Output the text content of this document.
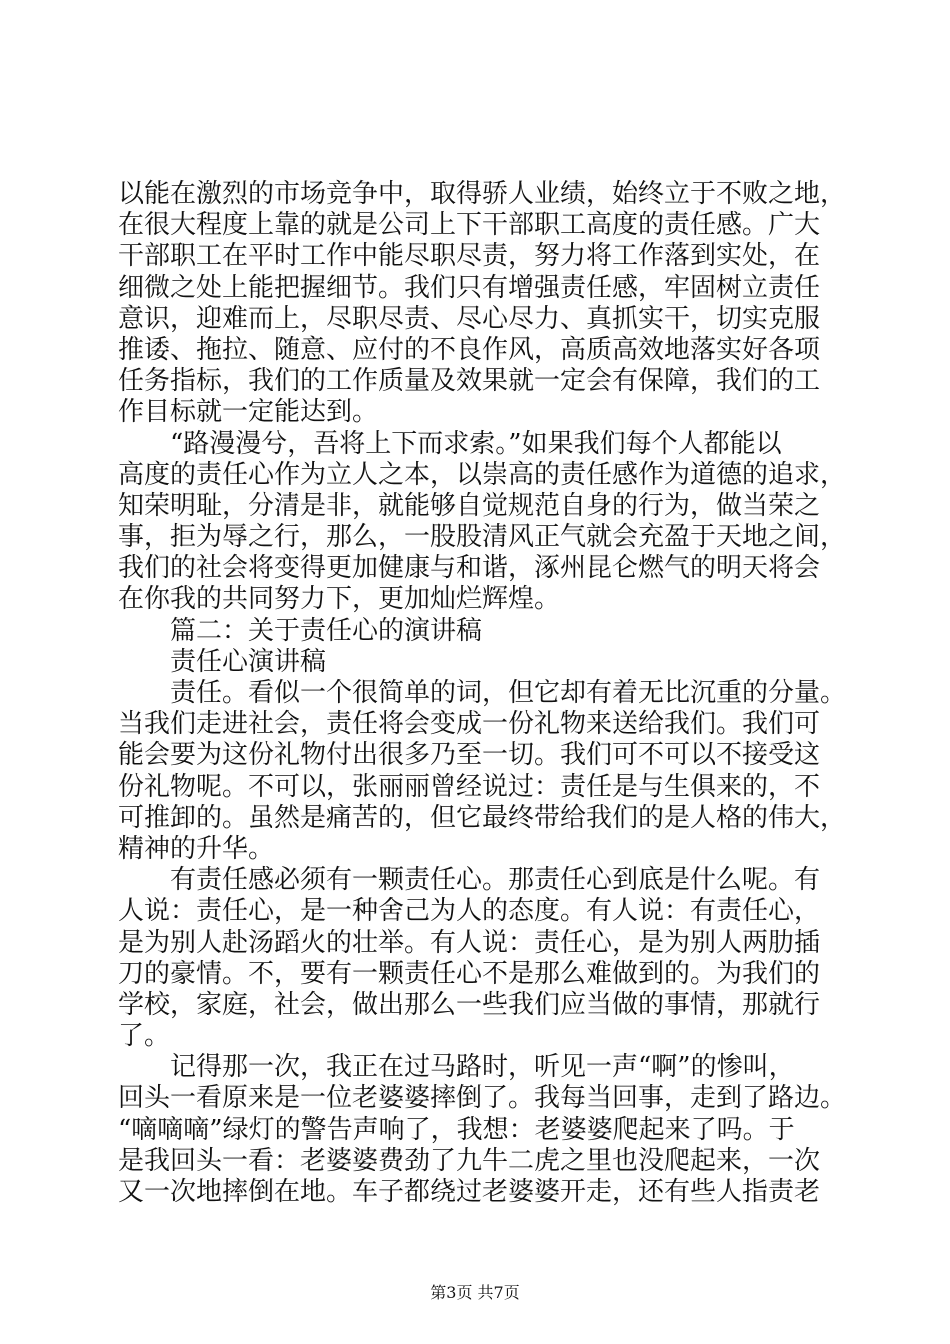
以能在激烈的市场竞争中，取得骄人业绩，始终立于不败之地，
在很大程度上靠的就是公司上下干部职工高度的责任感。广大
干部职工在平时工作中能尽职尽责，努力将工作落到实处，在
细微之处上能把握细节。我们只有增强责任感，牢固树立责任
意识，迎难而上，尽职尽责、尽心尽力、真抓实干，切实克服
推诿、拖拉、随意、应付的不良作风，高质高效地落实好各项
任务指标，我们的工作质量及效果就一定会有保障，我们的工
作目标就一定能达到。
　　“路漫漫兮，吾将上下而求索。”如果我们每个人都能以
高度的责任心作为立人之本，以崇高的责任感作为道德的追求，
知荣明耻，分清是非，就能够自觉规范自身的行为，做当荣之
事，拒为辱之行，那么，一股股清风正气就会充盈于天地之间，
我们的社会将变得更加健康与和谐，涿州昆仑燃气的明天将会
在你我的共同努力下，更加灿烂辉煌。
　　篇二：关于责任心的演讲稿
　　责任心演讲稿
　　责任。看似一个很简单的词，但它却有着无比沉重的分量。
当我们走进社会，责任将会变成一份礼物来送给我们。我们可
能会要为这份礼物付出很多乃至一切。我们可不可以不接受这
份礼物呢。不可以，张丽丽曾经说过：责任是与生俱来的，不
可推卸的。虽然是痛苦的，但它最终带给我们的是人格的伟大，
精神的升华。
　　有责任感必须有一颗责任心。那责任心到底是什么呢。有
人说：责任心，是一种舍己为人的态度。有人说：有责任心，
是为别人赴汤蹈火的壮举。有人说：责任心，是为别人两肋插
刀的豪情。不，要有一颗责任心不是那么难做到的。为我们的
学校，家庭，社会，做出那么一些我们应当做的事情，那就行
了。
　　记得那一次，我正在过马路时，听见一声“啊”的惨叫，
回头一看原来是一位老婆婆摔倒了。我每当回事，走到了路边。
“嘀嘀嘀”绿灯的警告声响了，我想：老婆婆爬起来了吗。于
是我回头一看：老婆婆费劲了九牛二虎之里也没爬起来，一次
又一次地摔倒在地。车子都绕过老婆婆开走，还有些人指责老
第3页 共7页
